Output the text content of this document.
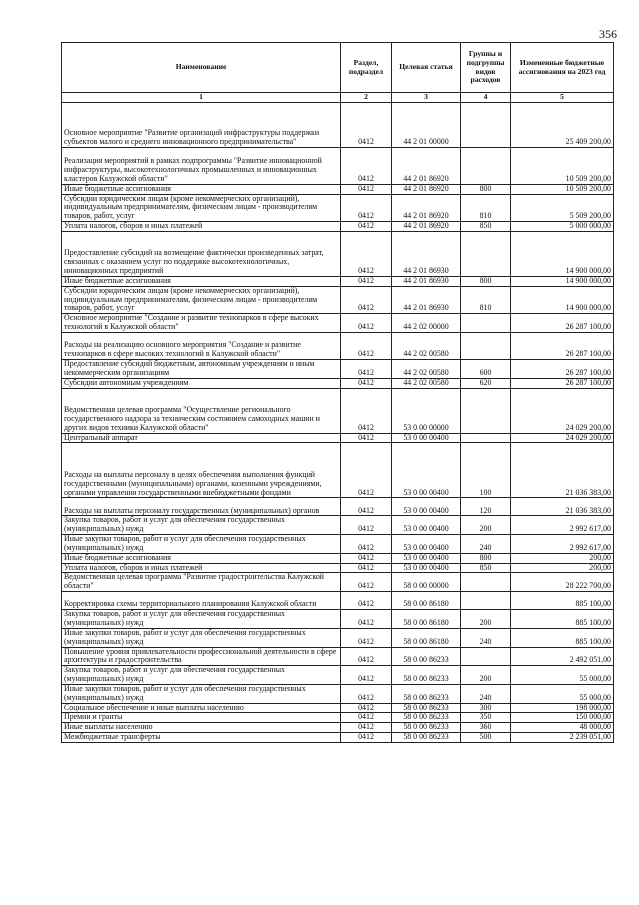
356
Наименование	Раздел, подраздел	Целевая статья	Группы и подгруппы видов расходов	Измененные бюджетные ассигнования на 2023 год
1	2	3	4	5
Основное мероприятие "Развитие организаций инфраструктуры поддержки субъектов малого и среднего инновационного предпринимательства"	0412	44 2 01 00000		25 409 200,00
Реализация мероприятий в рамках подпрограммы "Развитие инновационной инфраструктуры, высокотехнологичных промышленных и инновационных кластеров Калужской области"	0412	44 2 01 86920		10 509 200,00
Иные бюджетные ассигнования	0412	44 2 01 86920	800	10 509 200,00
Субсидии юридическим лицам (кроме некоммерческих организаций), индивидуальным предпринимателям, физическим лицам - производителям товаров, работ, услуг	0412	44 2 01 86920	810	5 509 200,00
Уплата налогов, сборов и иных платежей	0412	44 2 01 86920	850	5 000 000,00
Предоставление субсидий на возмещение фактически произведенных затрат, связанных с оказанием услуг по поддержке высокотехнологичных, инновационных предприятий	0412	44 2 01 86930		14 900 000,00
Иные бюджетные ассигнования	0412	44 2 01 86930	800	14 900 000,00
Субсидии юридическим лицам (кроме некоммерческих организаций), индивидуальным предпринимателям, физическим лицам - производителям товаров, работ, услуг	0412	44 2 01 86930	810	14 900 000,00
Основное мероприятие "Создание и развитие технопарков в сфере высоких технологий в Калужской области"	0412	44 2 02 00000		26 287 100,00
Расходы на реализацию основного мероприятия "Создание и развитие технопарков в сфере высоких технологий в Калужской области"	0412	44 2 02 00580		26 287 100,00
Предоставление субсидий бюджетным, автономным учреждениям и иным некоммерческим организациям	0412	44 2 02 00580	600	26 287 100,00
Субсидии автономным учреждениям	0412	44 2 02 00580	620	26 287 100,00
Ведомственная целевая программа "Осуществление регионального государственного надзора за техническим состоянием самоходных машин и других видов техники Калужской области"	0412	53 0 00 00000		24 029 200,00
Центральный аппарат	0412	53 0 00 00400		24 029 200,00
Расходы на выплаты персоналу в целях обеспечения выполнения функций государственными (муниципальными) органами, казенными учреждениями, органами управления государственными внебюджетными фондами	0412	53 0 00 00400	100	21 036 383,00
Расходы на выплаты персоналу государственных (муниципальных) органов	0412	53 0 00 00400	120	21 036 383,00
Закупка товаров, работ и услуг для обеспечения государственных (муниципальных) нужд	0412	53 0 00 00400	200	2 992 617,00
Иные закупки товаров, работ и услуг для обеспечения государственных (муниципальных) нужд	0412	53 0 00 00400	240	2 992 617,00
Иные бюджетные ассигнования	0412	53 0 00 00400	800	200,00
Уплата налогов, сборов и иных платежей	0412	53 0 00 00400	850	200,00
Ведомственная целевая программа "Развитие градостроительства Калужской области"	0412	58 0 00 00000		28 222 700,00
Корректировка схемы территориального планирования Калужской области	0412	58 0 00 86180		885 100,00
Закупка товаров, работ и услуг для обеспечения государственных (муниципальных) нужд	0412	58 0 00 86180	200	885 100,00
Иные закупки товаров, работ и услуг для обеспечения государственных (муниципальных) нужд	0412	58 0 00 86180	240	885 100,00
Повышение уровня привлекательности профессиональной деятельности в сфере архитектуры и градостроительства	0412	58 0 00 86233		2 492 051,00
Закупка товаров, работ и услуг для обеспечения государственных (муниципальных) нужд	0412	58 0 00 86233	200	55 000,00
Иные закупки товаров, работ и услуг для обеспечения государственных (муниципальных) нужд	0412	58 0 00 86233	240	55 000,00
Социальное обеспечение и иные выплаты населению	0412	58 0 00 86233	300	198 000,00
Премии и гранты	0412	58 0 00 86233	350	150 000,00
Иные выплаты населению	0412	58 0 00 86233	360	48 000,00
Межбюджетные трансферты	0412	58 0 00 86233	500	2 239 051,00
